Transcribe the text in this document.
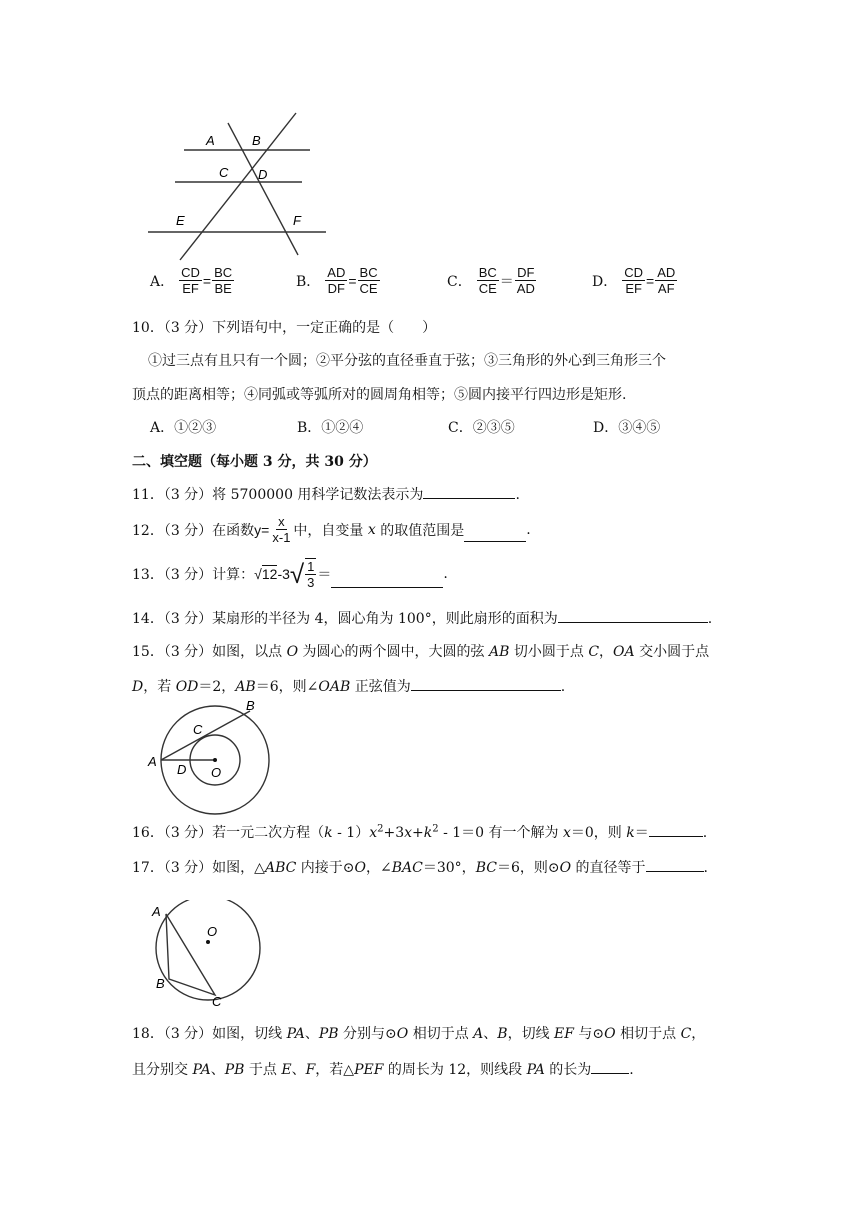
A	B
C D
E	F
A． $\frac{CD}{EF} = \frac{BC}{BE}$	B． $\frac{AD}{DF} = \frac{BC}{CE}$	C． $\frac{BC}{CE} = \frac{DF}{AD}$	D． $\frac{CD}{EF} = \frac{AD}{AF}$
10．（3 分）下列语句中，一定正确的是（　　）
①过三点有且只有一个圆；②平分弦的直径垂直于弦；③三角形的外心到三角形三个
顶点的距离相等；④同弧或等弧所对的圆周角相等；⑤圆内接平行四边形是矩形.
A．①②③	B．①②④	C．②③⑤	D．③④⑤
二、填空题（每小题 3 分，共 30 分）
11．（3 分）将 5700000 用科学记数法表示为	.
12．（3 分）在函数 $y= \frac{x}{x-1}$ 中，自变量
x
的取值范围是	.
13．（3 分）计算： √12 -3 √ $\frac{1}{3}$ ＝	.
14．（3 分）某扇形的半径为 4，圆心角为 100°，则此扇形的面积为	.
15．（3 分）如图，以点 O 为圆心的两个圆中，大圆的弦 AB 切小圆于点 C，OA 交小圆于点
D，若 OD＝2，AB＝6，则∠OAB 正弦值为	.
A
B
C
D O
16．（3 分）若一元二次方程$(k - 1)x^2+3x+k^2 - 1=0$ 有一个解为 x＝0，则 k＝	.
17．（3 分）如图，△ABC 内接于⊙O，∠BAC＝30°，BC＝6，则⊙O 的直径等于	.
A
O
B
C
18．（3 分）如图，切线 PA、PB 分别与⊙O 相切于点 A、B，切线 EF 与⊙O 相切于点 C，
且分别交 PA、PB 于点 E、F，若△PEF 的周长为 12，则线段 PA 的长为	.
